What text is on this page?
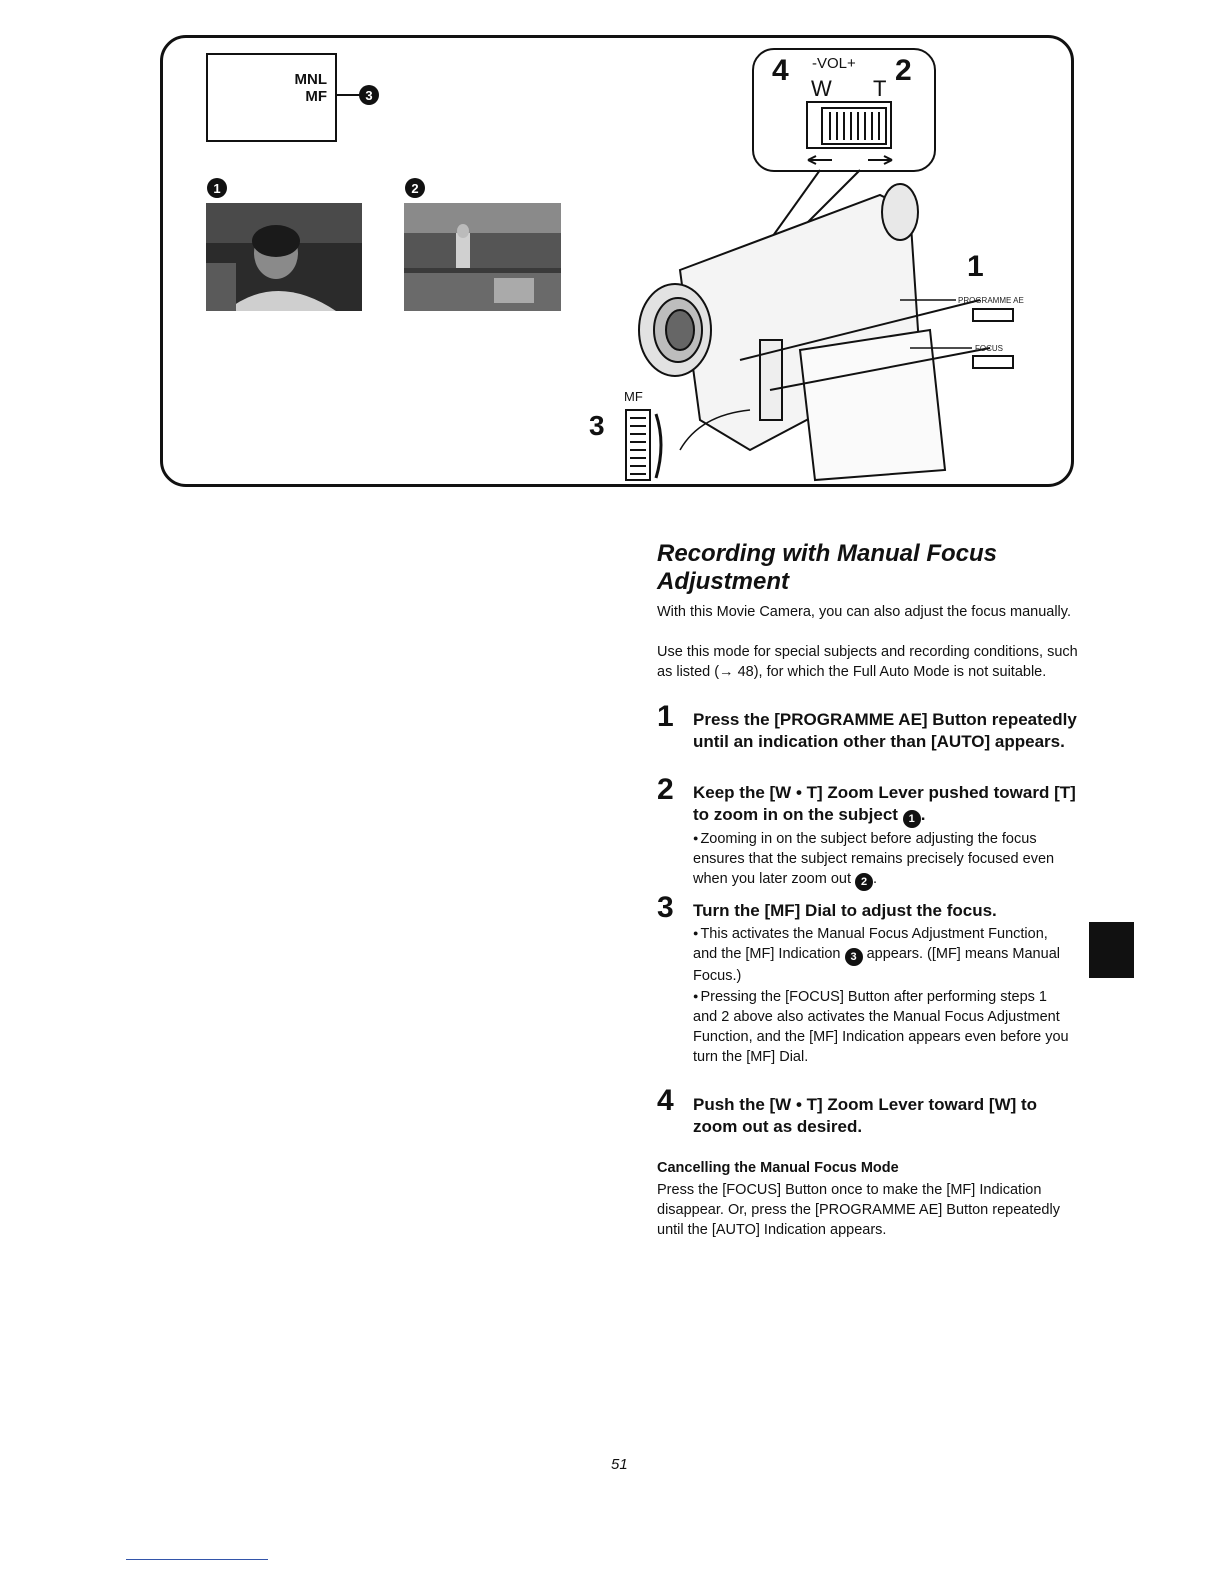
MNL
MF	3
1	2
4	2
-VOL+
W T
1
PROGRAMME AE
FOCUS
3
MF
Recording with Manual Focus Adjustment
With this Movie Camera, you can also adjust the focus manually.
Use this mode for special subjects and recording conditions, such as listed (→ 48), for which the Full Auto Mode is not suitable.
1 Press the [PROGRAMME AE] Button repeatedly until an indication other than [AUTO] appears.
2 Keep the [W • T] Zoom Lever pushed toward [T] to zoom in on the subject 1 .
● Zooming in on the subject before adjusting the focus ensures that the subject remains precisely focused even when you later zoom out 2 .
3 Turn the [MF] Dial to adjust the focus.
● This activates the Manual Focus Adjustment Function, and the [MF] Indication 3 appears. ([MF] means Manual Focus.)
● Pressing the [FOCUS] Button after performing steps 1 and 2 above also activates the Manual Focus Adjustment Function, and the [MF] Indication appears even before you turn the [MF] Dial.
4 Push the [W • T] Zoom Lever toward [W] to zoom out as desired.
Cancelling the Manual Focus Mode
Press the [FOCUS] Button once to make the [MF] Indication disappear. Or, press the [PROGRAMME AE] Button repeatedly until the [AUTO] Indication appears.
51
